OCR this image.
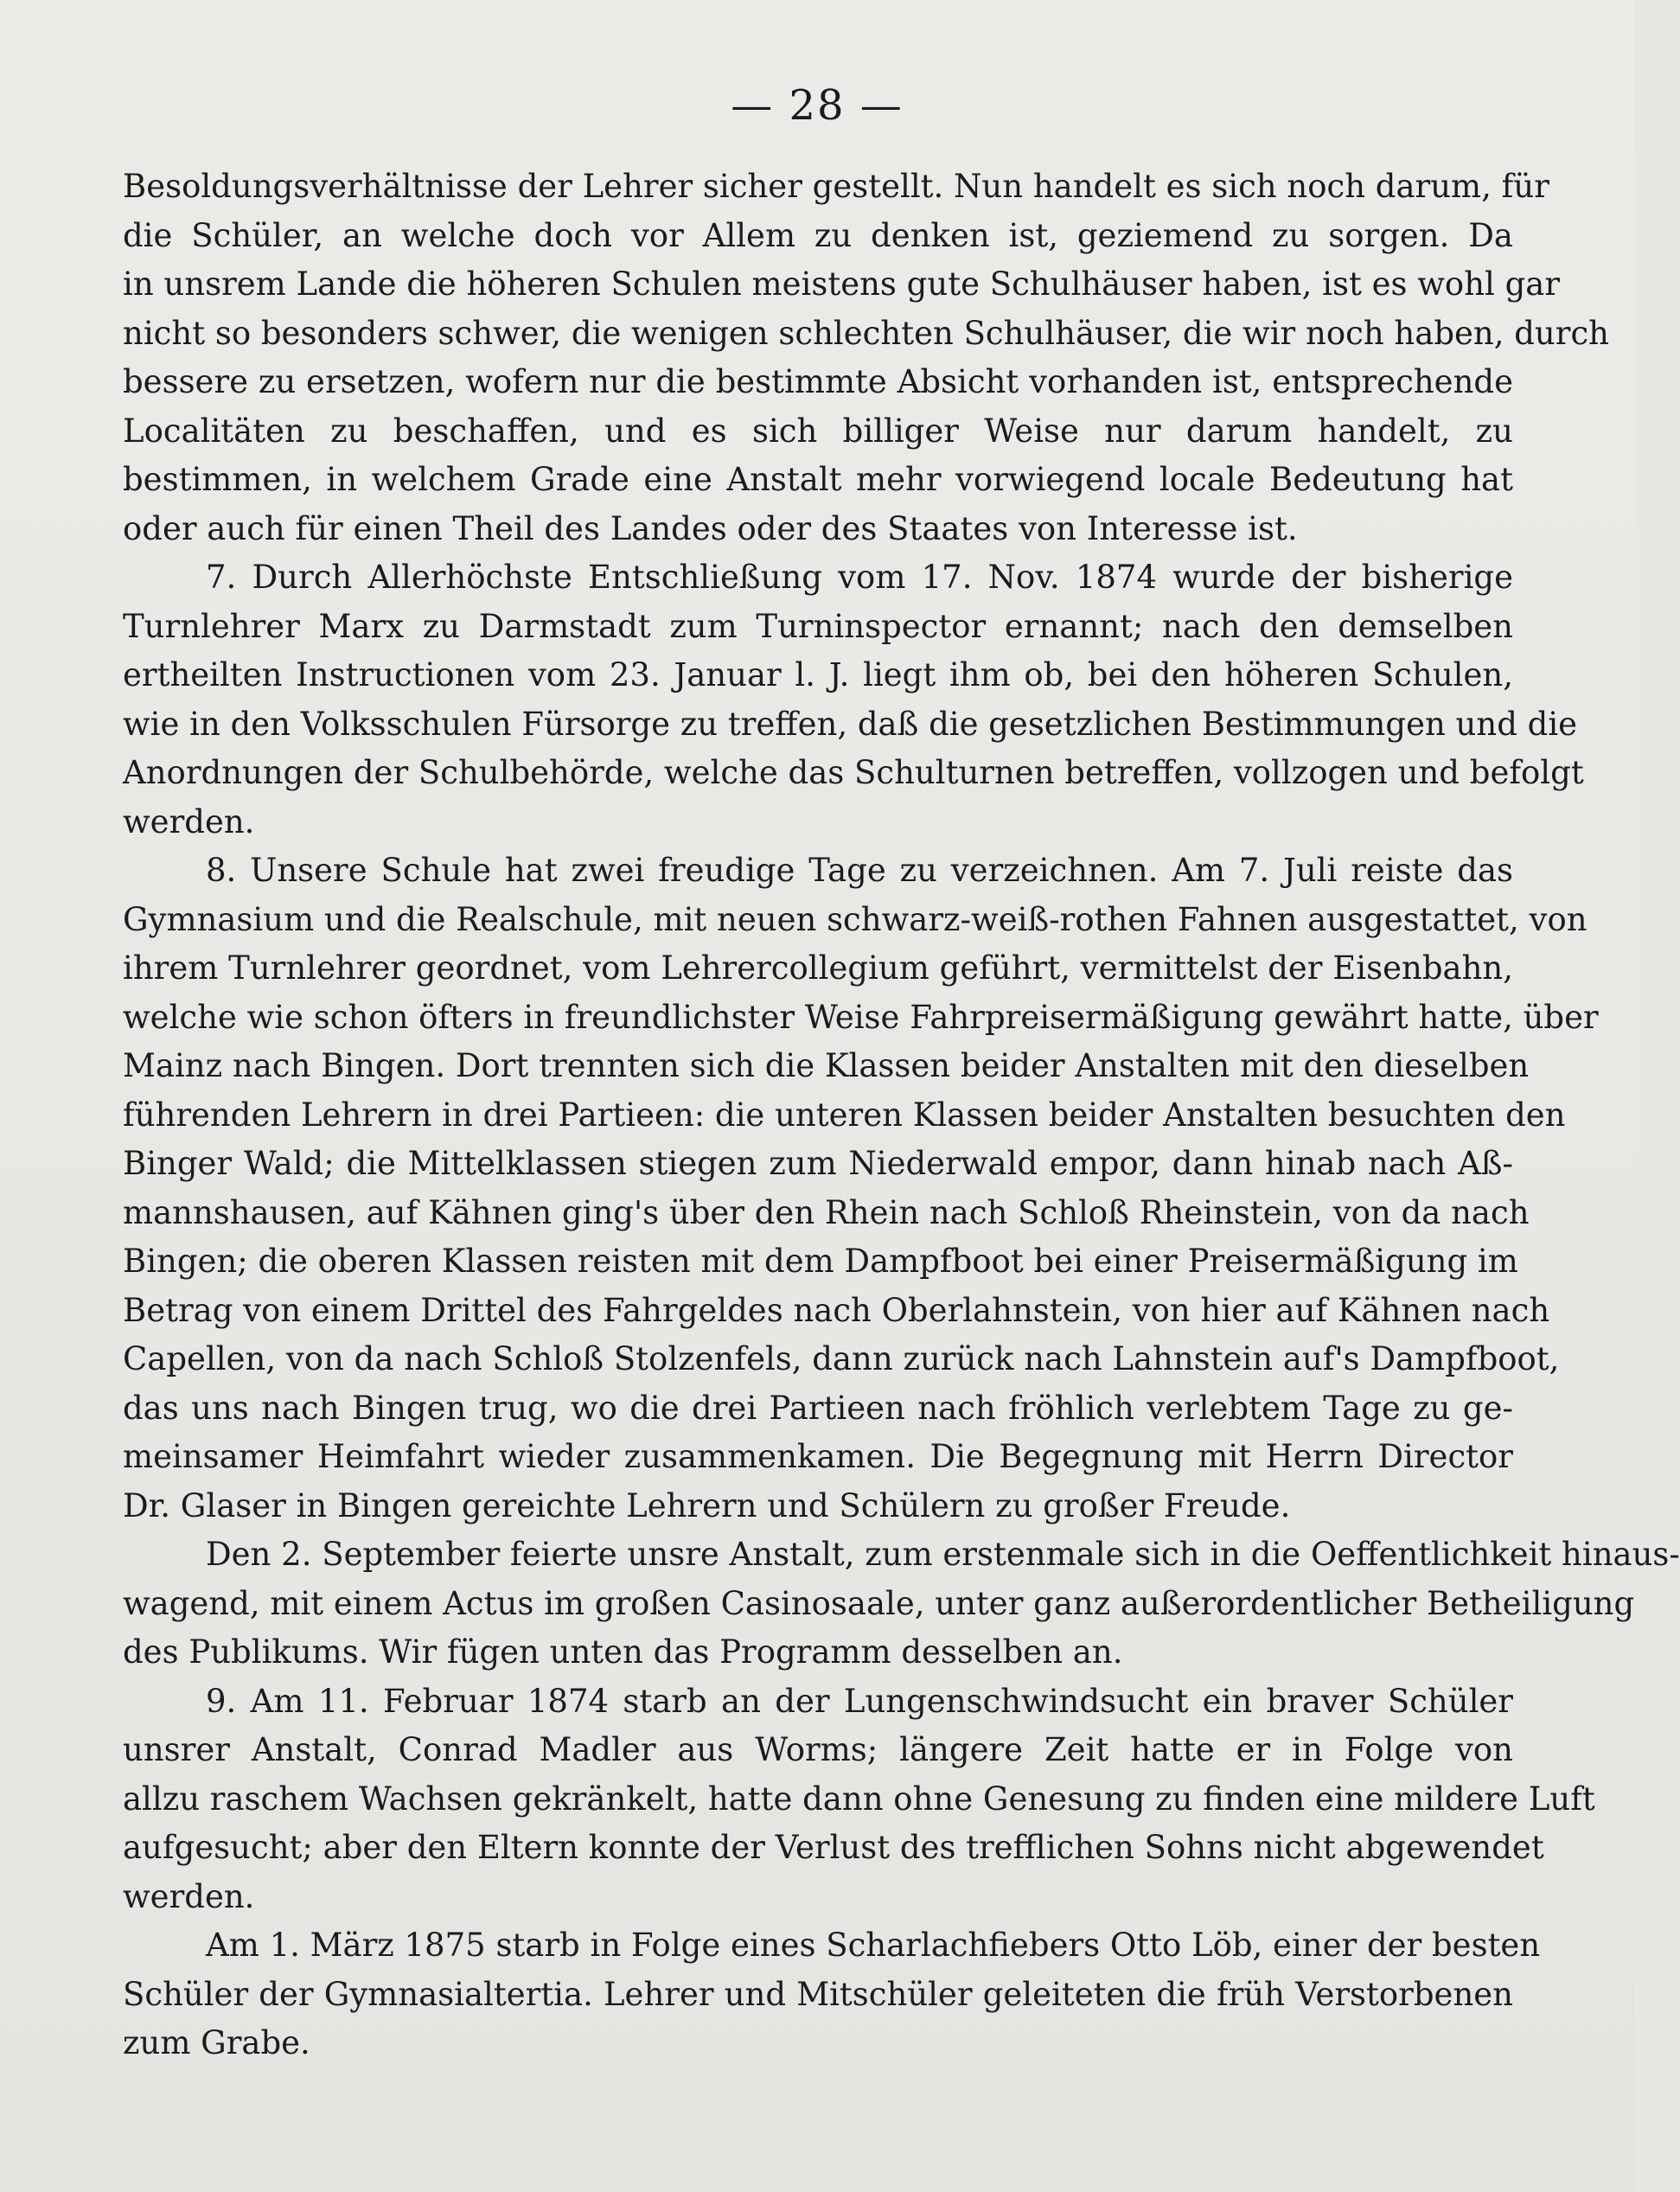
— 28 —
Besoldungsverhältnisse der Lehrer sicher gestellt. Nun handelt es sich noch darum, für
die Schüler, an welche doch vor Allem zu denken ist, geziemend zu sorgen. Da
in unsrem Lande die höheren Schulen meistens gute Schulhäuser haben, ist es wohl gar
nicht so besonders schwer, die wenigen schlechten Schulhäuser, die wir noch haben, durch
bessere zu ersetzen, wofern nur die bestimmte Absicht vorhanden ist, entsprechende
Localitäten zu beschaffen, und es sich billiger Weise nur darum handelt, zu
bestimmen, in welchem Grade eine Anstalt mehr vorwiegend locale Bedeutung hat
oder auch für einen Theil des Landes oder des Staates von Interesse ist.
7. Durch Allerhöchste Entschließung vom 17. Nov. 1874 wurde der bisherige
Turnlehrer Marx zu Darmstadt zum Turninspector ernannt; nach den demselben
ertheilten Instructionen vom 23. Januar l. J. liegt ihm ob, bei den höheren Schulen,
wie in den Volksschulen Fürsorge zu treffen, daß die gesetzlichen Bestimmungen und die
Anordnungen der Schulbehörde, welche das Schulturnen betreffen, vollzogen und befolgt
werden.
8. Unsere Schule hat zwei freudige Tage zu verzeichnen. Am 7. Juli reiste das
Gymnasium und die Realschule, mit neuen schwarz-weiß-rothen Fahnen ausgestattet, von
ihrem Turnlehrer geordnet, vom Lehrercollegium geführt, vermittelst der Eisenbahn,
welche wie schon öfters in freundlichster Weise Fahrpreisermäßigung gewährt hatte, über
Mainz nach Bingen. Dort trennten sich die Klassen beider Anstalten mit den dieselben
führenden Lehrern in drei Partieen: die unteren Klassen beider Anstalten besuchten den
Binger Wald; die Mittelklassen stiegen zum Niederwald empor, dann hinab nach Aß-
mannshausen, auf Kähnen ging's über den Rhein nach Schloß Rheinstein, von da nach
Bingen; die oberen Klassen reisten mit dem Dampfboot bei einer Preisermäßigung im
Betrag von einem Drittel des Fahrgeldes nach Oberlahnstein, von hier auf Kähnen nach
Capellen, von da nach Schloß Stolzenfels, dann zurück nach Lahnstein auf's Dampfboot,
das uns nach Bingen trug, wo die drei Partieen nach fröhlich verlebtem Tage zu ge-
meinsamer Heimfahrt wieder zusammenkamen. Die Begegnung mit Herrn Director
Dr. Glaser in Bingen gereichte Lehrern und Schülern zu großer Freude.
Den 2. September feierte unsre Anstalt, zum erstenmale sich in die Oeffentlichkeit hinaus-
wagend, mit einem Actus im großen Casinosaale, unter ganz außerordentlicher Betheiligung
des Publikums. Wir fügen unten das Programm desselben an.
9. Am 11. Februar 1874 starb an der Lungenschwindsucht ein braver Schüler
unsrer Anstalt, Conrad Madler aus Worms; längere Zeit hatte er in Folge von
allzu raschem Wachsen gekränkelt, hatte dann ohne Genesung zu finden eine mildere Luft
aufgesucht; aber den Eltern konnte der Verlust des trefflichen Sohns nicht abgewendet
werden.
Am 1. März 1875 starb in Folge eines Scharlachfiebers Otto Löb, einer der besten
Schüler der Gymnasialtertia. Lehrer und Mitschüler geleiteten die früh Verstorbenen
zum Grabe.
